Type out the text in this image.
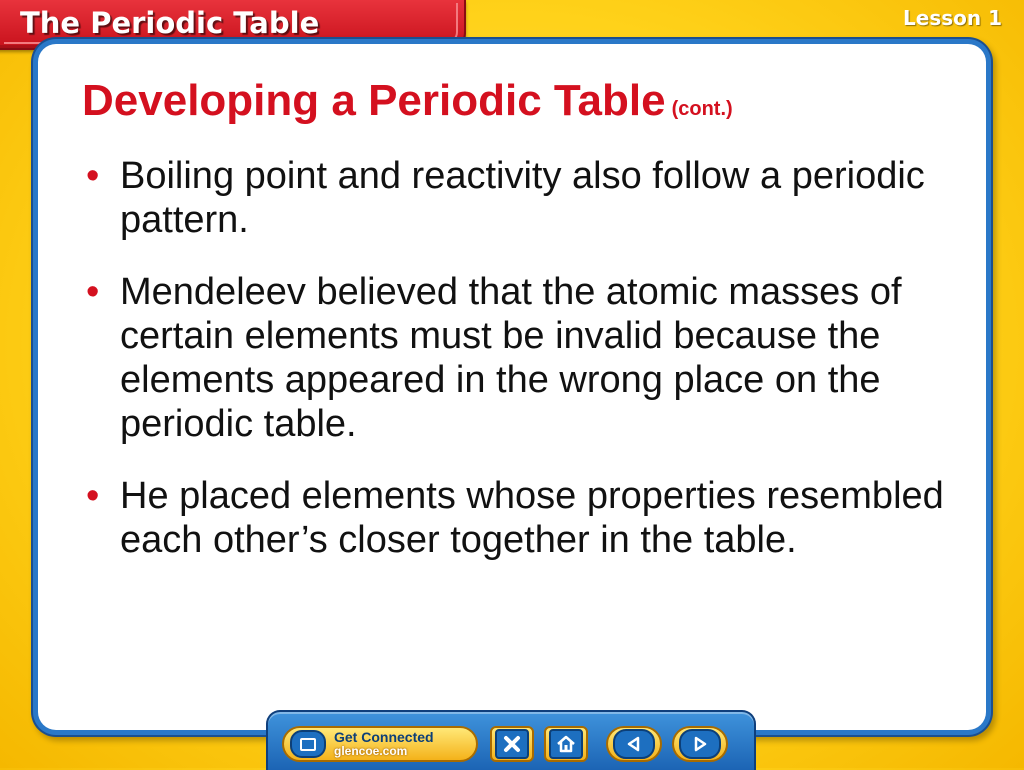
The Periodic Table	Lesson 1
Developing a Periodic Table (cont.)
• Boiling point and reactivity also follow a periodic pattern.
• Mendeleev believed that the atomic masses of certain elements must be invalid because the elements appeared in the wrong place on the periodic table.
• He placed elements whose properties resembled each other’s closer together in the table.
Get Connected
glencoe.com
